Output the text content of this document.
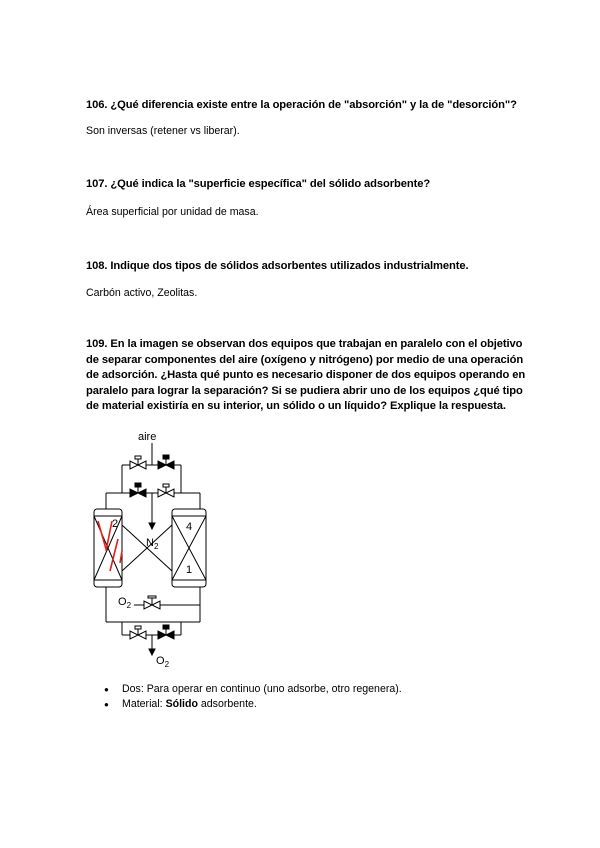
106. ¿Qué diferencia existe entre la operación de "absorción" y la de "desorción"?
Son inversas (retener vs liberar).
107. ¿Qué indica la "superficie específica" del sólido adsorbente?
Área superficial por unidad de masa.
108. Indique dos tipos de sólidos adsorbentes utilizados industrialmente.
Carbón activo, Zeolitas.
109. En la imagen se observan dos equipos que trabajan en paralelo con el objetivo de separar componentes del aire (oxígeno y nitrógeno) por medio de una operación de adsorción. ¿Hasta qué punto es necesario disponer de dos equipos operando en paralelo para lograr la separación? Si se pudiera abrir uno de los equipos ¿qué tipo de material existiría en su interior, un sólido o un líquido? Explique la respuesta.
aire
$N_2$
2	4
1
$O_2$
$O_2$
● Dos: Para operar en continuo (uno adsorbe, otro regenera).
● Material: Sólido adsorbente.
